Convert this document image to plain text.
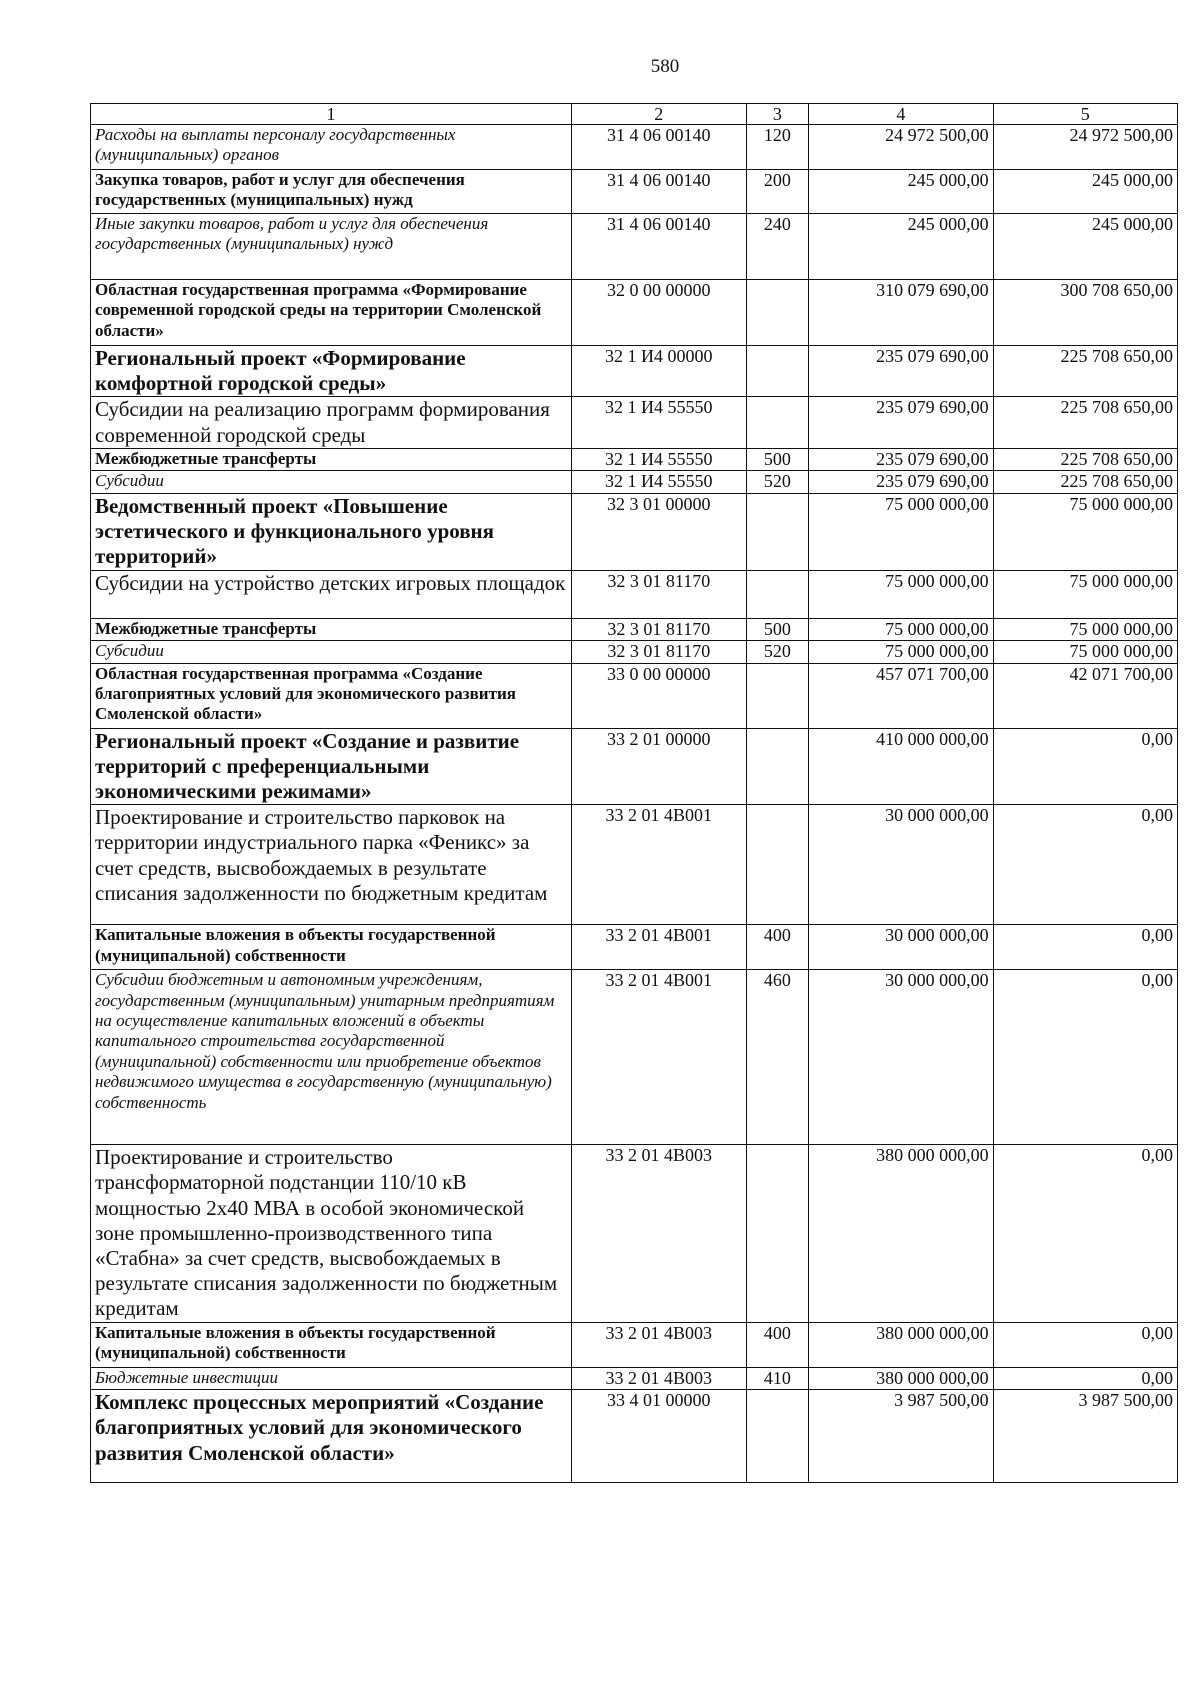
580
1	2	3	4	5
Расходы на выплаты персоналу государственных (муниципальных) органов	31 4 06 00140	120	24 972 500,00	24 972 500,00
Закупка товаров, работ и услуг для обеспечения государственных (муниципальных) нужд	31 4 06 00140	200	245 000,00	245 000,00
Иные закупки товаров, работ и услуг для обеспечения государственных (муниципальных) нужд	31 4 06 00140	240	245 000,00	245 000,00
Областная государственная программа «Формирование современной городской среды на территории Смоленской области»	32 0 00 00000		310 079 690,00	300 708 650,00
Региональный проект «Формирование комфортной городской среды»	32 1 И4 00000		235 079 690,00	225 708 650,00
Субсидии на реализацию программ формирования современной городской среды	32 1 И4 55550		235 079 690,00	225 708 650,00
Межбюджетные трансферты	32 1 И4 55550	500	235 079 690,00	225 708 650,00
Субсидии	32 1 И4 55550	520	235 079 690,00	225 708 650,00
Ведомственный проект «Повышение эстетического и функционального уровня территорий»	32 3 01 00000		75 000 000,00	75 000 000,00
Субсидии на устройство детских игровых площадок	32 3 01 81170		75 000 000,00	75 000 000,00
Межбюджетные трансферты	32 3 01 81170	500	75 000 000,00	75 000 000,00
Субсидии	32 3 01 81170	520	75 000 000,00	75 000 000,00
Областная государственная программа «Создание благоприятных условий для экономического развития Смоленской области»	33 0 00 00000		457 071 700,00	42 071 700,00
Региональный проект «Создание и развитие территорий с преференциальными экономическими режимами»	33 2 01 00000		410 000 000,00	0,00
Проектирование и строительство парковок на территории индустриального парка «Феникс» за счет средств, высвобождаемых в результате списания задолженности по бюджетным кредитам	33 2 01 4В001		30 000 000,00	0,00
Капитальные вложения в объекты государственной (муниципальной) собственности	33 2 01 4В001	400	30 000 000,00	0,00
Субсидии бюджетным и автономным учреждениям, государственным (муниципальным) унитарным предприятиям на осуществление капитальных вложений в объекты капитального строительства государственной (муниципальной) собственности или приобретение объектов недвижимого имущества в государственную (муниципальную) собственность	33 2 01 4В001	460	30 000 000,00	0,00
Проектирование и строительство трансформаторной подстанции 110/10 кВ мощностью 2х40 МВА в особой экономической зоне промышленно-производственного типа «Стабна» за счет средств, высвобождаемых в результате списания задолженности по бюджетным кредитам	33 2 01 4В003		380 000 000,00	0,00
Капитальные вложения в объекты государственной (муниципальной) собственности	33 2 01 4В003	400	380 000 000,00	0,00
Бюджетные инвестиции	33 2 01 4В003	410	380 000 000,00	0,00
Комплекс процессных мероприятий «Создание благоприятных условий для экономического развития Смоленской области»	33 4 01 00000		3 987 500,00	3 987 500,00
